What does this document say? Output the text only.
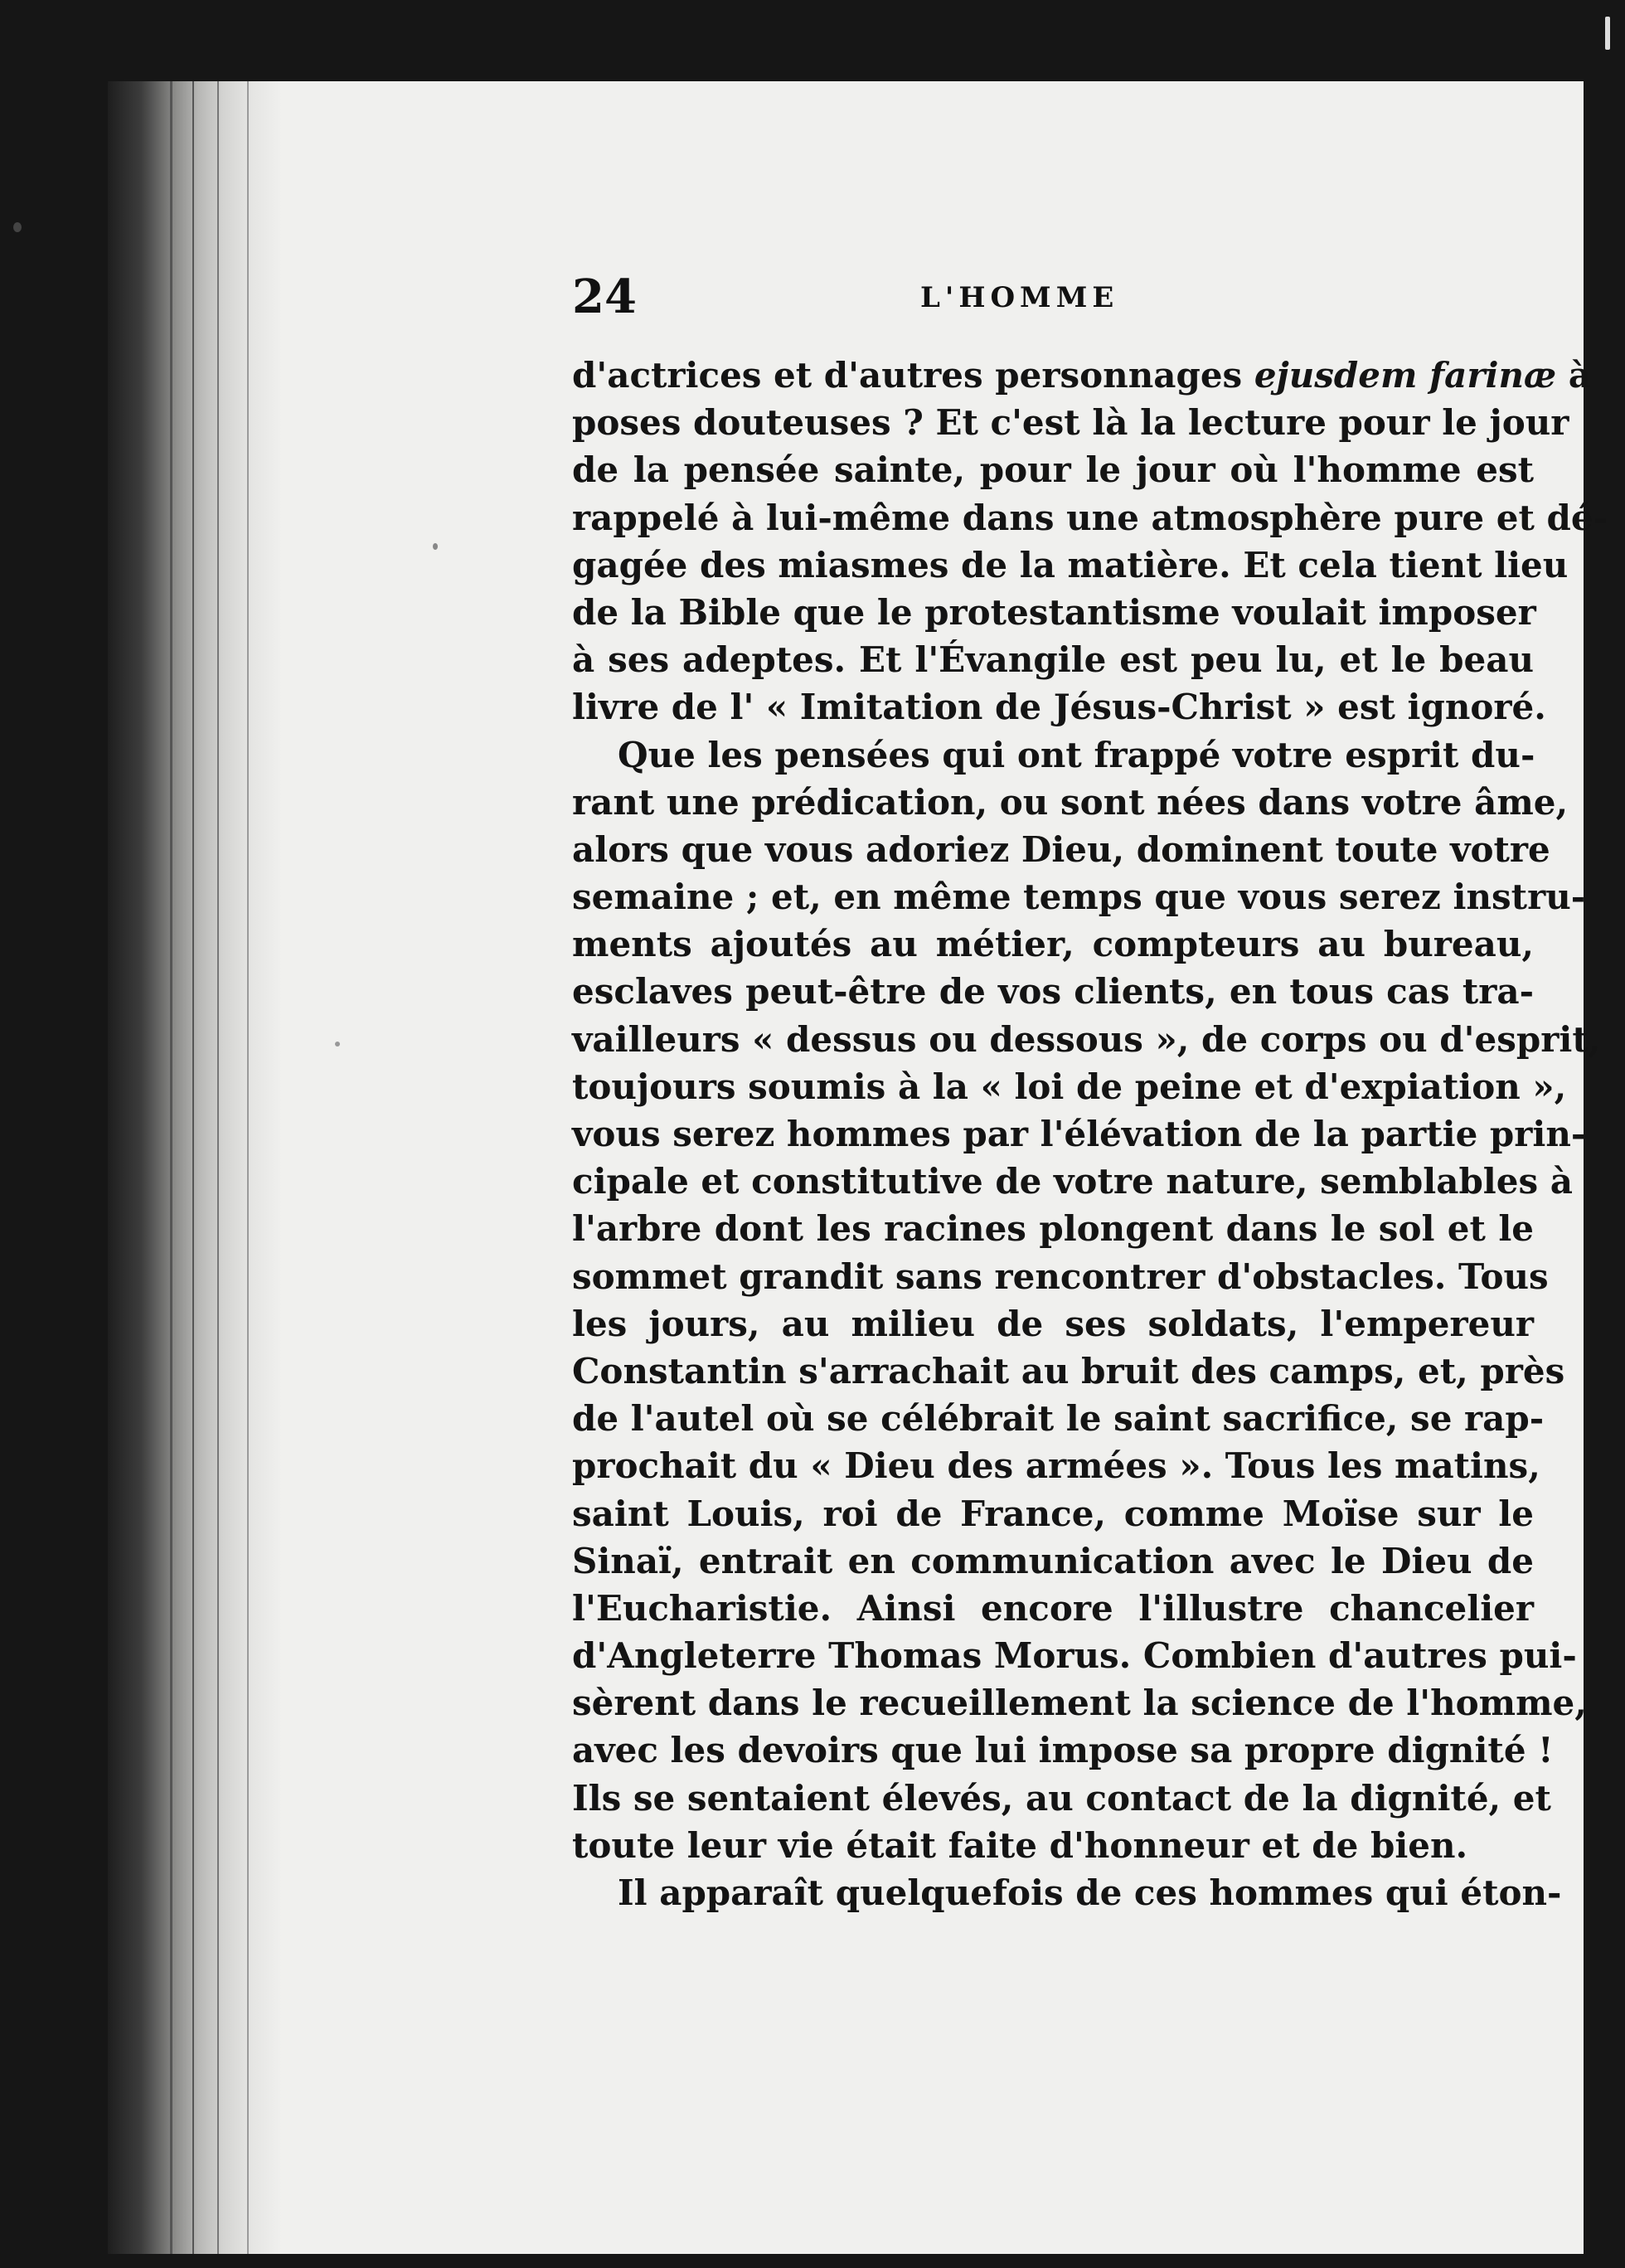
24	L'HOMME
d'actrices et d'autres personnages ejusdem farinæ à
poses douteuses ? Et c'est là la lecture pour le jour
de la pensée sainte, pour le jour où l'homme est
rappelé à lui-même dans une atmosphère pure et dé-
gagée des miasmes de la matière. Et cela tient lieu
de la Bible que le protestantisme voulait imposer
à ses adeptes. Et l'Évangile est peu lu, et le beau
livre de l' « Imitation de Jésus-Christ » est ignoré.
Que les pensées qui ont frappé votre esprit du-
rant une prédication, ou sont nées dans votre âme,
alors que vous adoriez Dieu, dominent toute votre
semaine ; et, en même temps que vous serez instru-
ments ajoutés au métier, compteurs au bureau,
esclaves peut-être de vos clients, en tous cas tra-
vailleurs « dessus ou dessous », de corps ou d'esprit,
toujours soumis à la « loi de peine et d'expiation »,
vous serez hommes par l'élévation de la partie prin-
cipale et constitutive de votre nature, semblables à
l'arbre dont les racines plongent dans le sol et le
sommet grandit sans rencontrer d'obstacles. Tous
les jours, au milieu de ses soldats, l'empereur
Constantin s'arrachait au bruit des camps, et, près
de l'autel où se célébrait le saint sacrifice, se rap-
prochait du « Dieu des armées ». Tous les matins,
saint Louis, roi de France, comme Moïse sur le
Sinaï, entrait en communication avec le Dieu de
l'Eucharistie. Ainsi encore l'illustre chancelier
d'Angleterre Thomas Morus. Combien d'autres pui-
sèrent dans le recueillement la science de l'homme,
avec les devoirs que lui impose sa propre dignité !
Ils se sentaient élevés, au contact de la dignité, et
toute leur vie était faite d'honneur et de bien.
Il apparaît quelquefois de ces hommes qui éton-
